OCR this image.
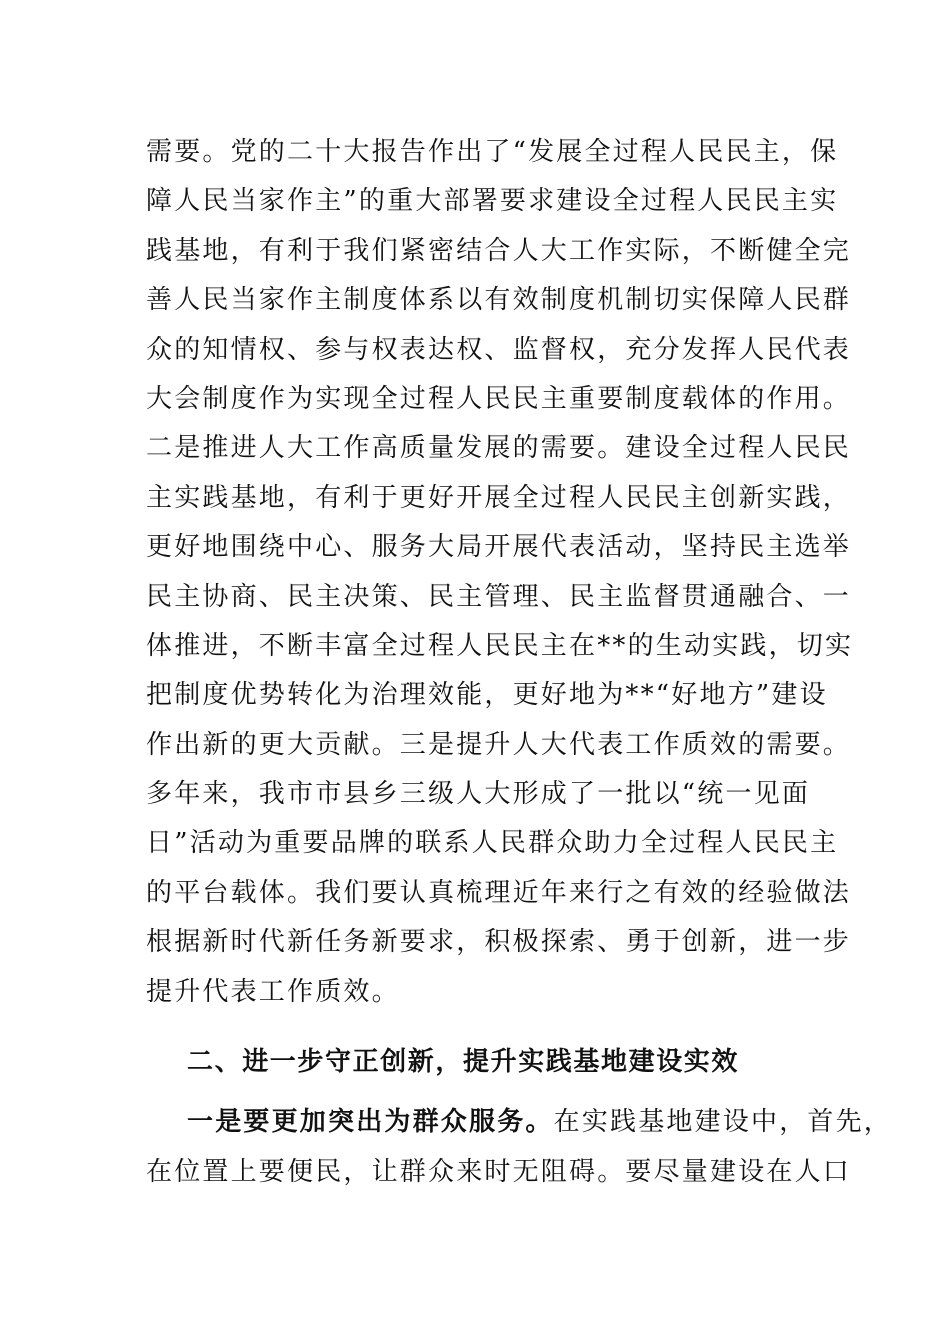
需要。党的二十大报告作出了“发展全过程人民民主，保
障人民当家作主”的重大部署要求建设全过程人民民主实
践基地，有利于我们紧密结合人大工作实际，不断健全完
善人民当家作主制度体系以有效制度机制切实保障人民群
众的知情权、参与权表达权、监督权，充分发挥人民代表
大会制度作为实现全过程人民民主重要制度载体的作用。
二是推进人大工作高质量发展的需要。建设全过程人民民
主实践基地，有利于更好开展全过程人民民主创新实践，
更好地围绕中心、服务大局开展代表活动，坚持民主选举
民主协商、民主决策、民主管理、民主监督贯通融合、一
体推进，不断丰富全过程人民民主在**的生动实践，切实
把制度优势转化为治理效能，更好地为**“好地方”建设
作出新的更大贡献。三是提升人大代表工作质效的需要。
多年来，我市市县乡三级人大形成了一批以“统一见面
日”活动为重要品牌的联系人民群众助力全过程人民民主
的平台载体。我们要认真梳理近年来行之有效的经验做法
根据新时代新任务新要求，积极探索、勇于创新，进一步
提升代表工作质效。
二、进一步守正创新，提升实践基地建设实效
一是要更加突出为群众服务。在实践基地建设中，首先，
在位置上要便民，让群众来时无阻碍。要尽量建设在人口
